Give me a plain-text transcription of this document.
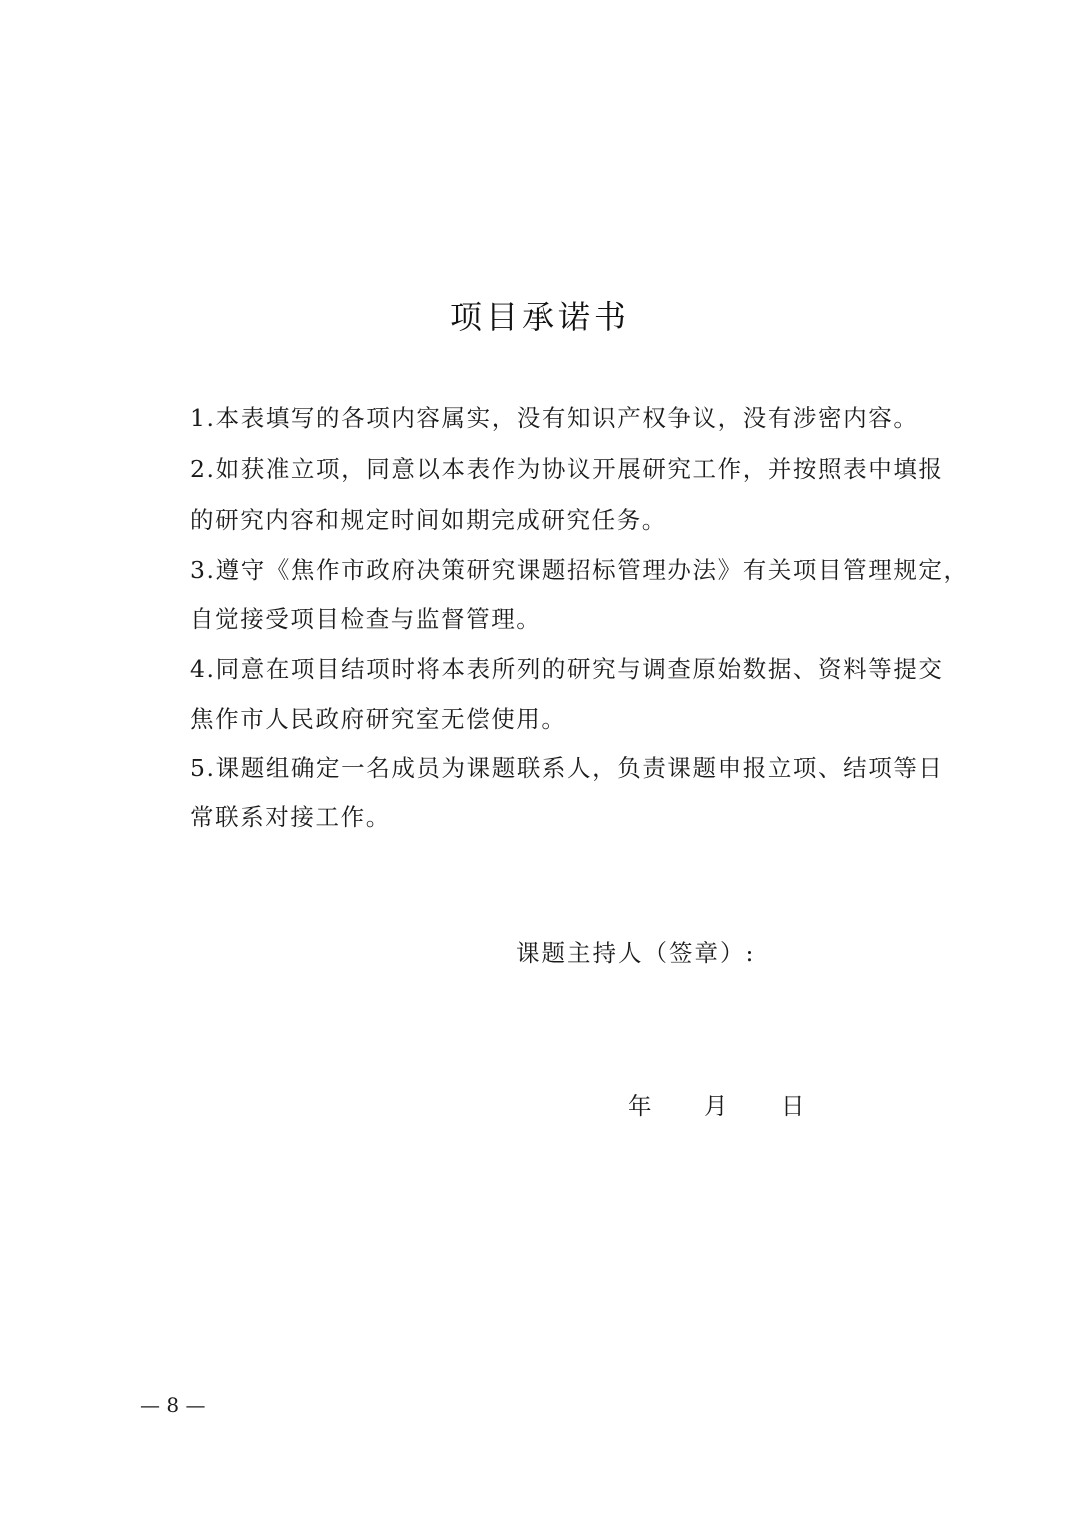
项目承诺书
1.本表填写的各项内容属实，没有知识产权争议，没有涉密内容。
2.如获准立项，同意以本表作为协议开展研究工作，并按照表中填报
的研究内容和规定时间如期完成研究任务。
3.遵守《焦作市政府决策研究课题招标管理办法》有关项目管理规定，
自觉接受项目检查与监督管理。
4.同意在项目结项时将本表所列的研究与调查原始数据、资料等提交
焦作市人民政府研究室无偿使用。
5.课题组确定一名成员为课题联系人，负责课题申报立项、结项等日
常联系对接工作。
课题主持人（签章）:
年 月 日
— 8 —
